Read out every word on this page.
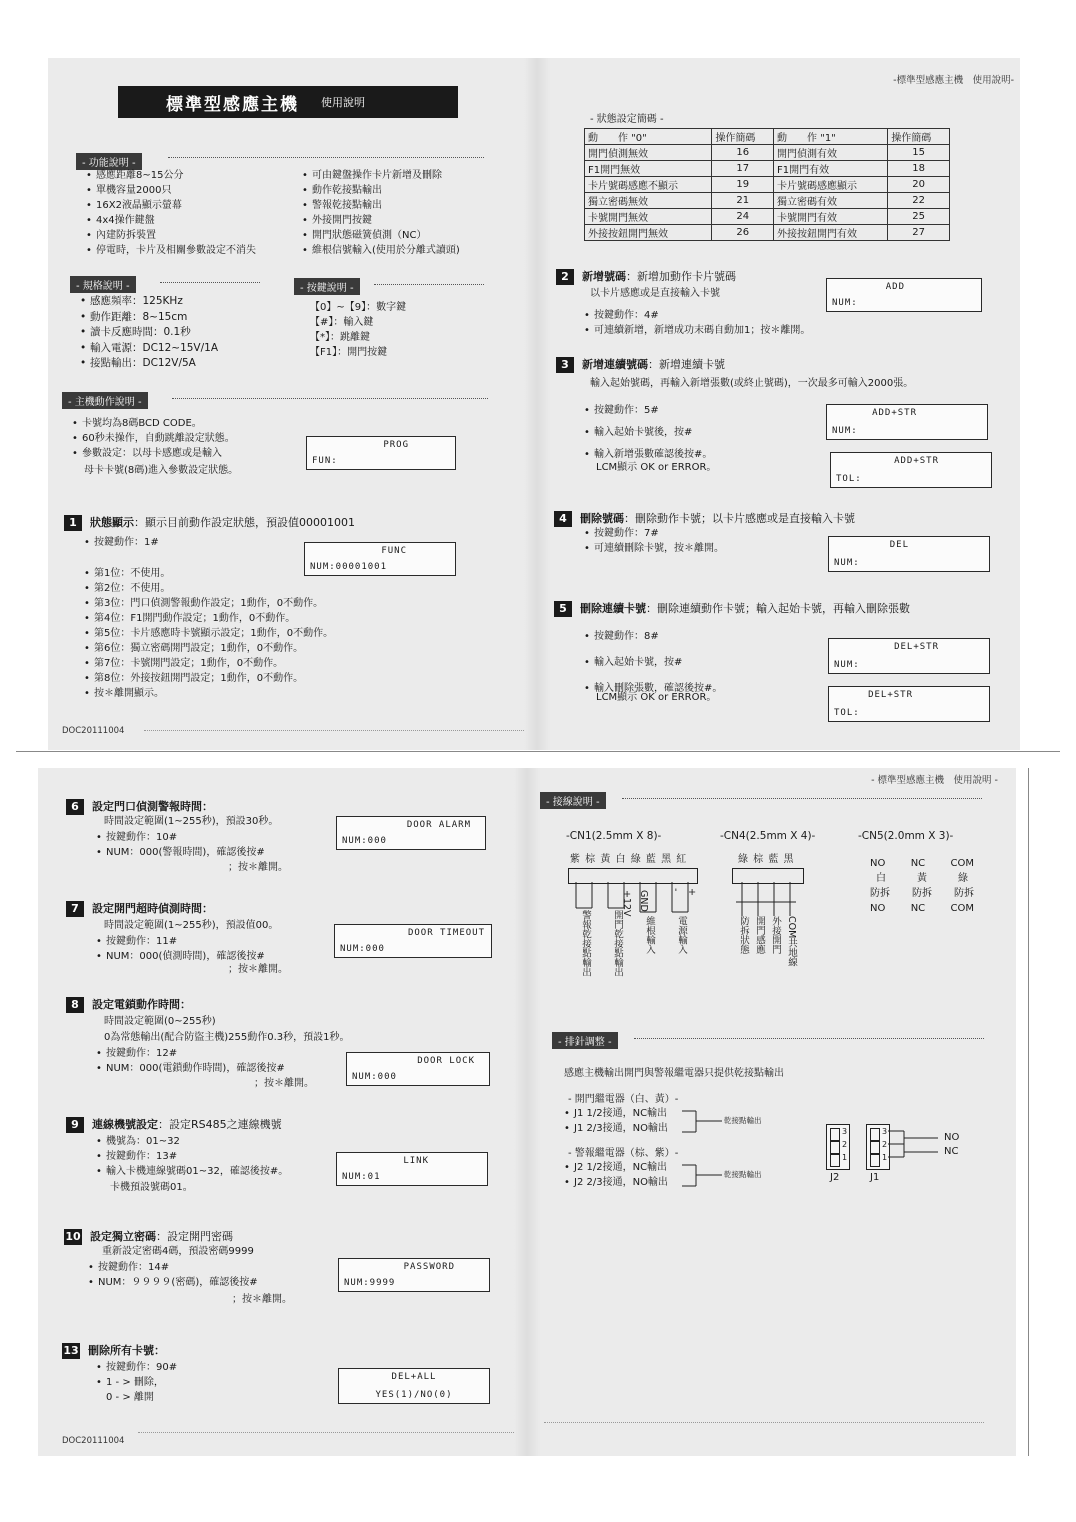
標準型感應主機 使用說明
- 功能說明 -
• 感應距離8~15公分
• 單機容量2000只
• 16X2液晶顯示螢幕
• 4x4操作鍵盤
• 內建防拆裝置
• 停電時，卡片及相關參數設定不消失
• 可由鍵盤操作卡片新增及刪除
• 動作乾接點輸出
• 警報乾接點輸出
• 外接開門按鍵
• 開門狀態磁簧偵測（NC）
• 維根信號輸入(使用於分離式讀頭)
- 規格說明 -
• 感應頻率：125KHz
• 動作距離：8~15cm
• 讀卡反應時間：0.1秒
• 輸入電源：DC12~15V/1A
• 接點輸出：DC12V/5A
- 按鍵說明 -
【0】~【9】：數字鍵
【#】：輸入鍵
【*】：跳離鍵
【F1】：開門按鍵
- 主機動作說明 -
• 卡號均為8碼BCD CODE。
• 60秒未操作，自動跳離設定狀態。
• 參數設定：以母卡感應或是輸入
母卡卡號(8碼)進入參數設定狀態。
PROG
FUN:
1 狀態顯示：顯示目前動作設定狀態，預設值00001001
• 按鍵動作：1#
FUNC
NUM:00001001
• 第1位：不使用。
• 第2位：不使用。
• 第3位：門口偵測警報動作設定；1動作，0不動作。
• 第4位：F1開門動作設定；1動作，0不動作。
• 第5位：卡片感應時卡號顯示設定；1動作，0不動作。
• 第6位：獨立密碼開門設定；1動作，0不動作。
• 第7位：卡號開門設定；1動作，0不動作。
• 第8位：外接按鈕開門設定；1動作，0不動作。
• 按＊離開顯示。
DOC20111004
-標準型感應主機　使用說明-
- 狀態設定簡碼 -
動　　作 "0"	操作簡碼	動　　作 "1"	操作簡碼
開門偵測無效	16	開門偵測有效	15
F1開門無效	17	F1開門有效	18
卡片號碼感應不顯示	19	卡片號碼感應顯示	20
獨立密碼無效	21	獨立密碼有效	22
卡號開門無效	24	卡號開門有效	25
外接按鈕開門無效	26	外接按鈕開門有效	27
2 新增號碼：新增加動作卡片號碼
以卡片感應或是直接輸入卡號
• 按鍵動作：4#
• 可連續新增，新增成功末碼自動加1；按＊離開。
ADD
NUM:
3 新增連續號碼：新增連續卡號
輸入起始號碼，再輸入新增張數(或終止號碼)，一次最多可輸入2000張。
• 按鍵動作：5#
• 輸入起始卡號後，按#
• 輸入新增張數確認後按#。
LCM顯示 OK or ERROR。
ADD+STR
NUM:
ADD+STR
TOL:
4 刪除號碼：刪除動作卡號；以卡片感應或是直接輸入卡號
• 按鍵動作：7#
• 可連續刪除卡號，按＊離開。	DEL
NUM:
5 刪除連續卡號：刪除連續動作卡號；輸入起始卡號，再輸入刪除張數
• 按鍵動作：8#
• 輸入起始卡號，按#
• 輸入刪除張數，確認後按#。
LCM顯示 OK or ERROR。
DEL+STR
NUM:
DEL+STR
TOL:
6 設定門口偵測警報時間：
時間設定範圍(1~255秒)，預設30秒。
• 按鍵動作：10#
• NUM：000(警報時間)，確認後按#
；按＊離開。
DOOR ALARM
NUM:000
7 設定開門超時偵測時間：
時間設定範圍(1~255秒)，預設值00。
• 按鍵動作：11#
• NUM：000(偵測時間)，確認後按#
；按＊離開。
DOOR TIMEOUT
NUM:000
8 設定電鎖動作時間：
時間設定範圍(0~255秒)
0為常態輸出(配合防盜主機)255動作0.3秒，預設1秒。
• 按鍵動作：12#
• NUM：000(電鎖動作時間)，確認後按#
；按＊離開。
DOOR LOCK
NUM:000
9 連線機號設定：設定RS485之連線機號
• 機號為：01~32
• 按鍵動作：13#
• 輸入卡機連線號碼01~32，確認後按#。
卡機預設號碼01。
LINK
NUM:01
10 設定獨立密碼：設定開門密碼
重新設定密碼4碼，預設密碼9999
• 按鍵動作：14#
• NUM：９９９９(密碼)，確認後按#
；按＊離開。
PASSWORD
NUM:9999
13 刪除所有卡號：
• 按鍵動作：90#
• 1 - > 刪除，
0 - > 離開
DEL+ALL
YES(1)/NO(0)
DOC20111004
- 標準型感應主機　使用說明 -
- 接線說明 -
-CN1(2.5mm X 8)-
紫 棕 黃 白 綠 藍 黑 紅
+12V GND
- +
警報乾接點輸出 開門乾接點輸出 維根輸入 電源輸入
-CN4(2.5mm X 4)-
綠 棕 藍 黑
防拆狀態 開門感應 外接開門 COM共地線
-CN5(2.0mm X 3)-
NO	NC	COM
白	黃	綠
防拆 防拆 防拆
NO	NC	COM
- 排針調整 -
感應主機輸出開門與警報繼電器只提供乾接點輸出
- 開門繼電器（白、黃）-
• J1 1/2接通，NC輸出
• J1 2/3接通，NO輸出
乾接點輸出
- 警報繼電器（棕、紫）-
• J2 1/2接通，NC輸出
• J2 2/3接通，NO輸出
乾接點輸出
3
2
1
J2
3
2
1
J1
NO
NC
